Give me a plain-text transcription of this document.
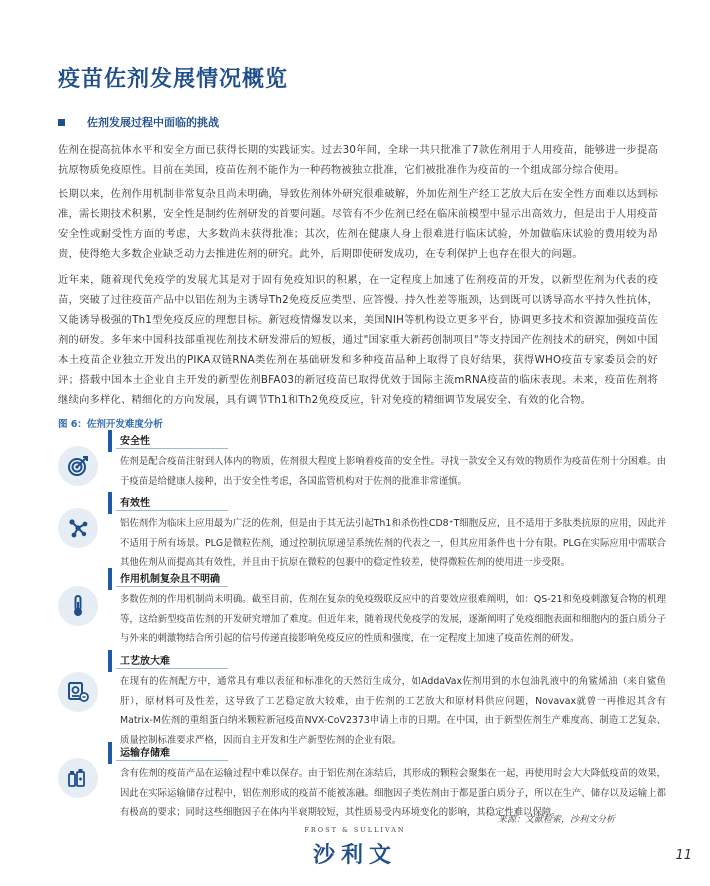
疫苗佐剂发展情况概览
佐剂发展过程中面临的挑战

佐剂在提高抗体水平和安全方面已获得长期的实践证实。过去30年间，全球一共只批准了7款佐剂用于人用疫苗，能够进一步提高抗原物质免疫原性。目前在美国，疫苗佐剂不能作为一种药物被独立批准，它们被批准作为疫苗的一个组成部分综合使用。

长期以来，佐剂作用机制非常复杂且尚未明确，导致佐剂体外研究很难破解，外加佐剂生产经工艺放大后在安全性方面难以达到标准，需长期技术积累，安全性是制约佐剂研发的首要问题。尽管有不少佐剂已经在临床前模型中显示出高效力，但是出于人用疫苗安全性或耐受性方面的考虑，大多数尚未获得批准；其次，佐剂在健康人身上很难进行临床试验，外加做临床试验的费用较为昂贵，使得绝大多数企业缺乏动力去推进佐剂的研究。此外，后期即使研发成功，在专利保护上也存在很大的问题。

近年来，随着现代免疫学的发展尤其是对于固有免疫知识的积累，在一定程度上加速了佐剂疫苗的开发，以新型佐剂为代表的疫苗，突破了过往疫苗产品中以铝佐剂为主诱导Th2免疫反应类型、应答慢、持久性差等瓶颈，达到既可以诱导高水平持久性抗体，又能诱导极强的Th1型免疫反应的理想目标。新冠疫情爆发以来，美国NIH等机构设立更多平台，协调更多技术和资源加强疫苗佐剂的研发。多年来中国科技部重视佐剂技术研发滞后的短板，通过"国家重大新药创制项目"等支持国产佐剂技术的研究，例如中国本土疫苗企业独立开发出的PIKA双链RNA类佐剂在基础研发和多种疫苗品种上取得了良好结果，获得WHO疫苗专家委员会的好评；搭载中国本土企业自主开发的新型佐剂BFA03的新冠疫苗已取得优效于国际主流mRNA疫苗的临床表现。未来，疫苗佐剂将继续向多样化、精细化的方向发展，具有调节Th1和Th2免疫反应，针对免疫的精细调节发展安全、有效的化合物。

图 6：佐剂开发难度分析
安全性
佐剂是配合疫苗注射到人体内的物质，佐剂很大程度上影响着疫苗的安全性。寻找一款安全又有效的物质作为疫苗佐剂十分困难。由于疫苗是给健康人接种，出于安全性考虑，各国监管机构对于佐剂的批准非常谨慎。
有效性
铝佐剂作为临床上应用最为广泛的佐剂，但是由于其无法引起Th1和杀伤性CD8⁺T细胞反应，且不适用于多肽类抗原的应用，因此并不适用于所有场景。PLG是微粒佐剂，通过控制抗原递呈系统佐剂的代表之一，但其应用条件也十分有限。PLG在实际应用中需联合其他佐剂从而提高其有效性，并且由于抗原在微粒的包裹中的稳定性较差，使得微粒佐剂的使用进一步受限。
作用机制复杂且不明确
多数佐剂的作用机制尚未明确。截至目前，佐剂在复杂的免疫级联反应中的首要效应很难阐明，如：QS-21和免疫刺激复合物的机理等，这给新型疫苗佐剂的开发研究增加了难度。但近年来，随着现代免疫学的发展，逐渐阐明了免疫细胞表面和细胞内的蛋白质分子与外来的刺激物结合所引起的信号传递直接影响免疫反应的性质和强度，在一定程度上加速了疫苗佐剂的研发。
工艺放大难
在现有的佐剂配方中，通常具有难以表征和标准化的天然衍生成分，如AddaVax佐剂用到的水包油乳液中的角鲨烯油（来自鲨鱼肝），原材料可及性差，这导致了工艺稳定放大较难，由于佐剂的工艺放大和原材料供应问题，Novavax就曾一再推迟其含有Matrix-M佐剂的重组蛋白纳米颗粒新冠疫苗NVX-CoV2373申请上市的日期。在中国，由于新型佐剂生产难度高、制造工艺复杂、质量控制标准要求严格，因而自主开发和生产新型佐剂的企业有限。
运输存储难
含有佐剂的疫苗产品在运输过程中难以保存。由于铝佐剂在冻结后，其形成的颗粒会聚集在一起，再使用时会大大降低疫苗的效果，因此在实际运输储存过程中，铝佐剂形成的疫苗不能被冻融。细胞因子类佐剂由于都是蛋白质分子，所以在生产、储存以及运输上都有极高的要求；同时这些细胞因子在体内半衰期较短，其性质易受内环境变化的影响，其稳定性难以保障。
来源：文献检索，沙利文分析
FROST & SULLIVAN
沙利文	11
